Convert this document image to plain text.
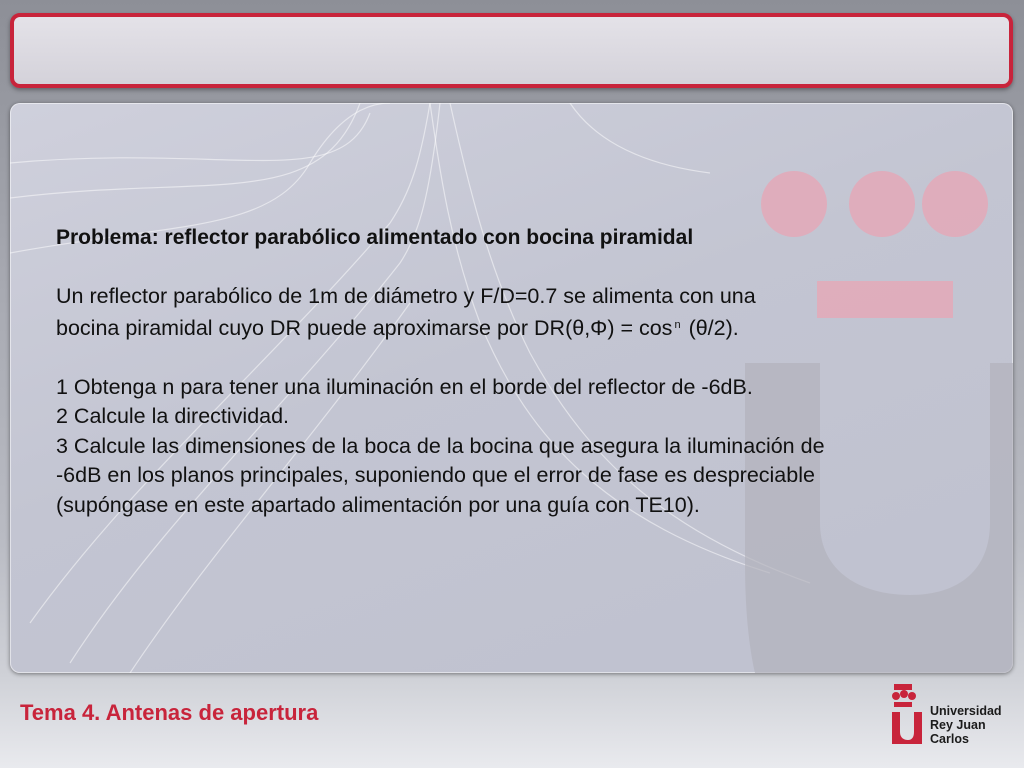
Problema: reflector parabólico alimentado con bocina piramidal

Un reflector parabólico de 1m de diámetro y F/D=0.7 se alimenta con una

bocina piramidal cuyo DR puede aproximarse por DR(θ,Φ) = cos $^n$ (θ/2).

1 Obtenga n para tener una iluminación en el borde del reflector de -6dB.

2 Calcule la directividad.

3 Calcule las dimensiones de la boca de la bocina que asegura la iluminación de

-6dB en los planos principales, suponiendo que el error de fase es despreciable

(supóngase en este apartado alimentación por una guía con TE10).

Tema 4. Antenas de apertura	Universidad
Rey Juan Carlos
